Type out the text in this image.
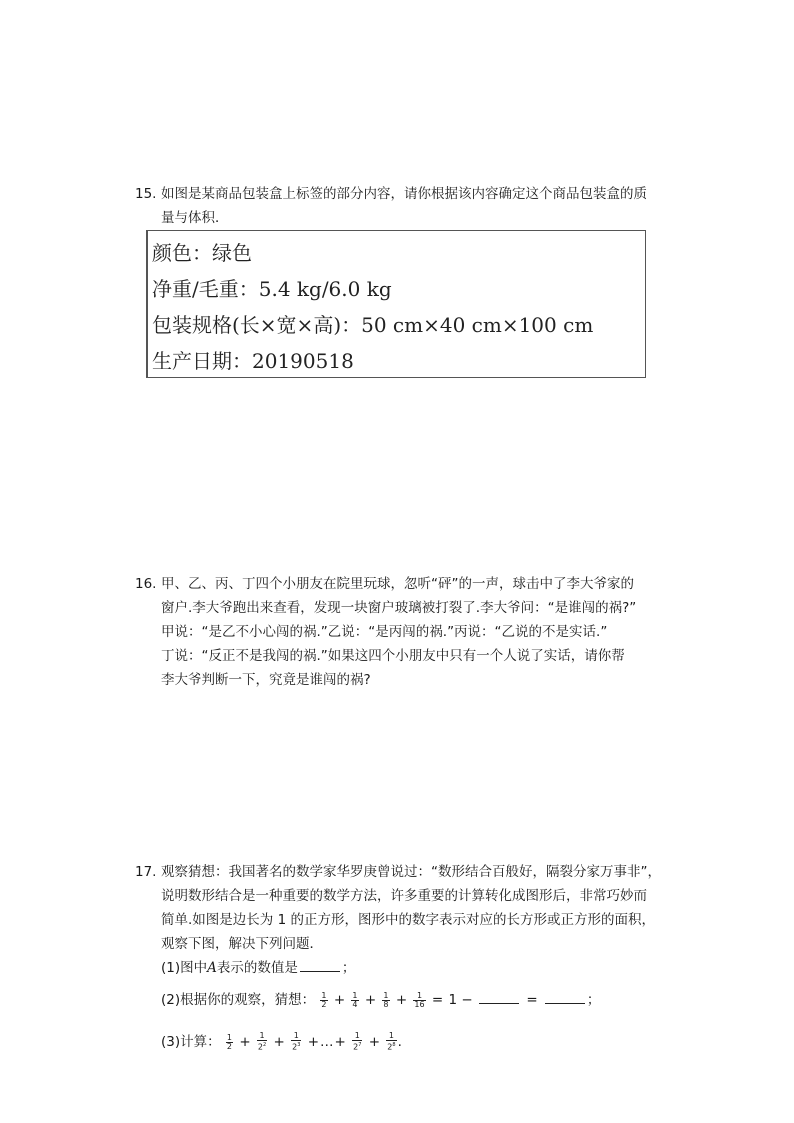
15. 如图是某商品包装盒上标签的部分内容，请你根据该内容确定这个商品包装盒的质
量与体积．
颜色：绿色
净重/毛重：5.4 kg/6.0 kg
包装规格(长×宽×高)：50 cm×40 cm×100 cm
生产日期：20190518
16. 甲、乙、丙、丁四个小朋友在院里玩球，忽听“砰”的一声，球击中了李大爷家的
窗户.李大爷跑出来查看，发现一块窗户玻璃被打裂了.李大爷问：“是谁闯的祸?”
甲说：“是乙不小心闯的祸.”乙说：“是丙闯的祸.”丙说：“乙说的不是实话.”
丁说：“反正不是我闯的祸.”如果这四个小朋友中只有一个人说了实话，请你帮
李大爷判断一下，究竟是谁闯的祸?
17. 观察猜想：我国著名的数学家华罗庚曾说过：“数形结合百般好，隔裂分家万事非”，
说明数形结合是一种重要的数学方法，许多重要的计算转化成图形后，非常巧妙而
简单.如图是边长为 1 的正方形，图形中的数字表示对应的长方形或正方形的面积，
观察下图，解决下列问题．
(1)图中A表示的数值是	；
(2)根据你的观察，猜想： $\frac{1}{2} + \frac{1}{4} + \frac{1}{8} + \frac{1}{16} = 1$ −	=	；
(3)计算： $\frac{1}{2} + \frac{1}{2^2} + \frac{1}{2^3}$ +…+ $\frac{1}{2^7} + \frac{1}{2^8}$ .
